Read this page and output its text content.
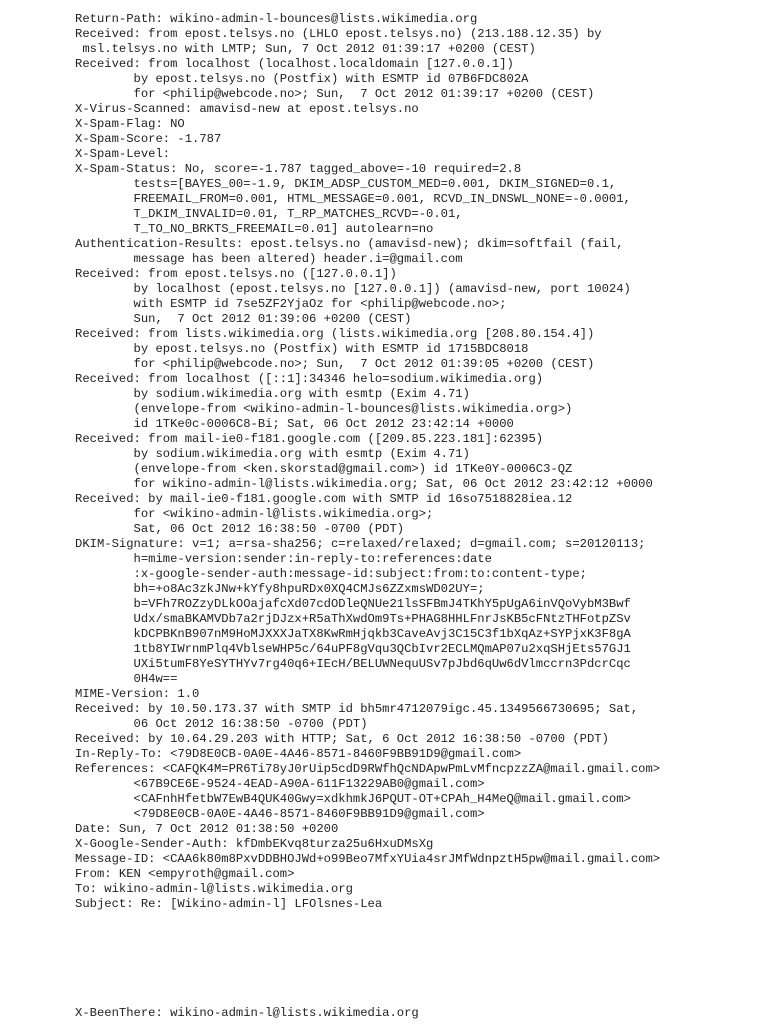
Return-Path: wikino-admin-l-bounces@lists.wikimedia.org
Received: from epost.telsys.no (LHLO epost.telsys.no) (213.188.12.35) by
msl.telsys.no with LMTP; Sun, 7 Oct 2012 01:39:17 +0200 (CEST)
Received: from localhost (localhost.localdomain [127.0.0.1])
by epost.telsys.no (Postfix) with ESMTP id 07B6FDC802A
for <philip@webcode.no>; Sun,  7 Oct 2012 01:39:17 +0200 (CEST)
X-Virus-Scanned: amavisd-new at epost.telsys.no
X-Spam-Flag: NO
X-Spam-Score: -1.787
X-Spam-Level:
X-Spam-Status: No, score=-1.787 tagged_above=-10 required=2.8
tests=[BAYES_00=-1.9, DKIM_ADSP_CUSTOM_MED=0.001, DKIM_SIGNED=0.1,
FREEMAIL_FROM=0.001, HTML_MESSAGE=0.001, RCVD_IN_DNSWL_NONE=-0.0001,
T_DKIM_INVALID=0.01, T_RP_MATCHES_RCVD=-0.01,
T_TO_NO_BRKTS_FREEMAIL=0.01] autolearn=no
Authentication-Results: epost.telsys.no (amavisd-new); dkim=softfail (fail,
message has been altered) header.i=@gmail.com
Received: from epost.telsys.no ([127.0.0.1])
by localhost (epost.telsys.no [127.0.0.1]) (amavisd-new, port 10024)
with ESMTP id 7se5ZF2YjaOz for <philip@webcode.no>;
Sun,  7 Oct 2012 01:39:06 +0200 (CEST)
Received: from lists.wikimedia.org (lists.wikimedia.org [208.80.154.4])
by epost.telsys.no (Postfix) with ESMTP id 1715BDC8018
for <philip@webcode.no>; Sun,  7 Oct 2012 01:39:05 +0200 (CEST)
Received: from localhost ([::1]:34346 helo=sodium.wikimedia.org)
by sodium.wikimedia.org with esmtp (Exim 4.71)
(envelope-from <wikino-admin-l-bounces@lists.wikimedia.org>)
id 1TKe0c-0006C8-Bi; Sat, 06 Oct 2012 23:42:14 +0000
Received: from mail-ie0-f181.google.com ([209.85.223.181]:62395)
by sodium.wikimedia.org with esmtp (Exim 4.71)
(envelope-from <ken.skorstad@gmail.com>) id 1TKe0Y-0006C3-QZ
for wikino-admin-l@lists.wikimedia.org; Sat, 06 Oct 2012 23:42:12 +0000
Received: by mail-ie0-f181.google.com with SMTP id 16so7518828iea.12
for <wikino-admin-l@lists.wikimedia.org>;
Sat, 06 Oct 2012 16:38:50 -0700 (PDT)
DKIM-Signature: v=1; a=rsa-sha256; c=relaxed/relaxed; d=gmail.com; s=20120113;
h=mime-version:sender:in-reply-to:references:date
:x-google-sender-auth:message-id:subject:from:to:content-type;
bh=+o8Ac3zkJNw+kYfy8hpuRDx0XQ4CMJs6ZZxmsWD02UY=;
b=VFh7ROZzyDLkOOajafcXd07cdODleQNUe21lsSFBmJ4TKhY5pUgA6inVQoVybM3Bwf
Udx/smaBKAMVDb7a2rjDJzx+R5aThXwdOm9Ts+PHAG8HHLFnrJsKB5cFNtzTHFotpZSv
kDCPBKnB907nM9HoMJXXXJaTX8KwRmHjqkb3CaveAvj3C15C3f1bXqAz+SYPjxK3F8gA
1tb8YIWrnmPlq4VblseWHP5c/64uPF8gVqu3QCbIvr2ECLMQmAP07u2xqSHjEts57GJ1
UXi5tumF8YeSYTHYv7rg40q6+IEcH/BELUWNequUSv7pJbd6qUw6dVlmccrn3PdcrCqc
0H4w==
MIME-Version: 1.0
Received: by 10.50.173.37 with SMTP id bh5mr4712079igc.45.1349566730695; Sat,
06 Oct 2012 16:38:50 -0700 (PDT)
Received: by 10.64.29.203 with HTTP; Sat, 6 Oct 2012 16:38:50 -0700 (PDT)
In-Reply-To: <79D8E0CB-0A0E-4A46-8571-8460F9BB91D9@gmail.com>
References: <CAFQK4M=PR6Ti78yJ0rUip5cdD9RWfhQcNDApwPmLvMfncpzzZA@mail.gmail.com>
<67B9CE6E-9524-4EAD-A90A-611F13229AB0@gmail.com>
<CAFnhHfetbW7EwB4QUK40Gwy=xdkhmkJ6PQUT-OT+CPAh_H4MeQ@mail.gmail.com>
<79D8E0CB-0A0E-4A46-8571-8460F9BB91D9@gmail.com>
Date: Sun, 7 Oct 2012 01:38:50 +0200
X-Google-Sender-Auth: kfDmbEKvq8turza25u6HxuDMsXg
Message-ID: <CAA6k80m8PxvDDBHOJWd+o99Beo7MfxYUia4srJMfWdnpztH5pw@mail.gmail.com>
From: KEN <empyroth@gmail.com>
To: wikino-admin-l@lists.wikimedia.org
Subject: Re: [Wikino-admin-l] LFOlsnes-Lea
X-BeenThere: wikino-admin-l@lists.wikimedia.org
